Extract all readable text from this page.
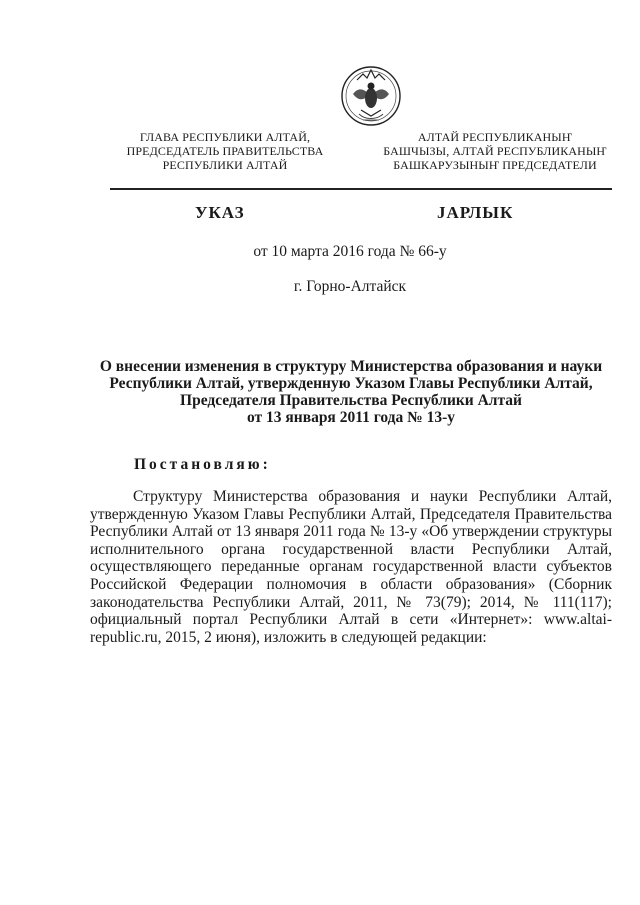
ГЛАВА РЕСПУБЛИКИ АЛТАЙ,
ПРЕДСЕДАТЕЛЬ ПРАВИТЕЛЬСТВА
РЕСПУБЛИКИ АЛТАЙ
АЛТАЙ РЕСПУБЛИКАНЫҤ
БАШЧЫЗЫ, АЛТАЙ РЕСПУБЛИКАНЫҤ
БАШКАРУЗЫНЫҤ ПРЕДСЕДАТЕЛИ
УКАЗ	ЈАРЛЫК
от 10 марта 2016 года № 66-у
г. Горно-Алтайск
О внесении изменения в структуру Министерства образования и науки
Республики Алтай, утвержденную Указом Главы Республики Алтай,
Председателя Правительства Республики Алтай
от 13 января 2011 года № 13-у
Постановляю:
Структуру Министерства образования и науки Республики Алтай, утвержденную Указом Главы Республики Алтай, Председателя Правительства Республики Алтай от 13 января 2011 года № 13-у «Об утверждении структуры исполнительного органа государственной власти Республики Алтай, осуществляющего переданные органам государственной власти субъектов Российской Федерации полномочия в области образования» (Сборник законодательства Республики Алтай, 2011, № 73(79); 2014, № 111(117); официальный портал Республики Алтай в сети «Интернет»: www.altai-republic.ru, 2015, 2 июня), изложить в следующей редакции:
